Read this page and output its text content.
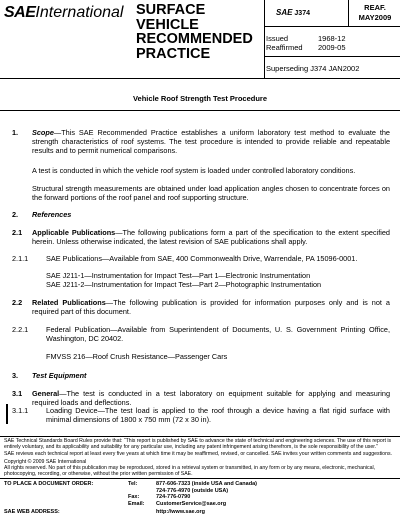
SAEInternational SURFACE
VEHICLE
RECOMMENDED
PRACTICE
SAE J374
REAF.
MAY2009
Issued	1968-12
Reaffirmed	2009-05
Superseding J374 JAN2002
Vehicle Roof Strength Test Procedure
1. Scope—This SAE Recommended Practice establishes a uniform laboratory test method to evaluate the strength characteristics of roof systems. The test procedure is intended to provide reliable and repeatable results and to permit numerical comparisons.
A test is conducted in which the vehicle roof system is loaded under controlled laboratory conditions.
Structural strength measurements are obtained under load application angles chosen to concentrate forces on the forward portions of the roof panel and roof supporting structure.
2. References
2.1 Applicable Publications—The following publications form a part of the specification to the extent specified herein. Unless otherwise indicated, the latest revision of SAE publications shall apply.
2.1.1 SAE Publications—Available from SAE, 400 Commonwealth Drive, Warrendale, PA 15096-0001.
SAE J211-1—Instrumentation for Impact Test—Part 1—Electronic Instrumentation
SAE J211-2—Instrumentation for Impact Test—Part 2—Photographic Instrumentation
2.2 Related Publications—The following publication is provided for information purposes only and is not a required part of this document.
2.2.1 Federal Publication—Available from Superintendent of Documents, U. S. Government Printing Office, Washington, DC 20402.
FMVSS 216—Roof Crush Resistance—Passenger Cars
3. Test Equipment
3.1 General—The test is conducted in a test laboratory on equipment suitable for applying and measuring required loads and deflections.
3.1.1 Loading Device—The test load is applied to the roof through a device having a flat rigid surface with minimal dimensions of 1800 x 750 mm (72 x 30 in).
SAE Technical Standards Board Rules provide that: “This report is published by SAE to advance the state of technical and engineering sciences. The use of this report is entirely voluntary, and its applicability and suitability for any particular use, including any patent infringement arising therefrom, is the sole responsibility of the user.”
SAE reviews each technical report at least every five years at which time it may be reaffirmed, revised, or cancelled. SAE invites your written comments and suggestions.
Copyright © 2009 SAE International
All rights reserved. No part of this publication may be reproduced, stored in a retrieval system or transmitted, in any form or by any means, electronic, mechanical, photocopying, recording, or otherwise, without the prior written permission of SAE.
TO PLACE A DOCUMENT ORDER:	Tel:	877-606-7323 (inside USA and Canada)
724-776-4970 (outside USA)
Fax:	724-776-0790
Email: CustomerService@sae.org
SAE WEB ADDRESS:	http://www.sae.org
